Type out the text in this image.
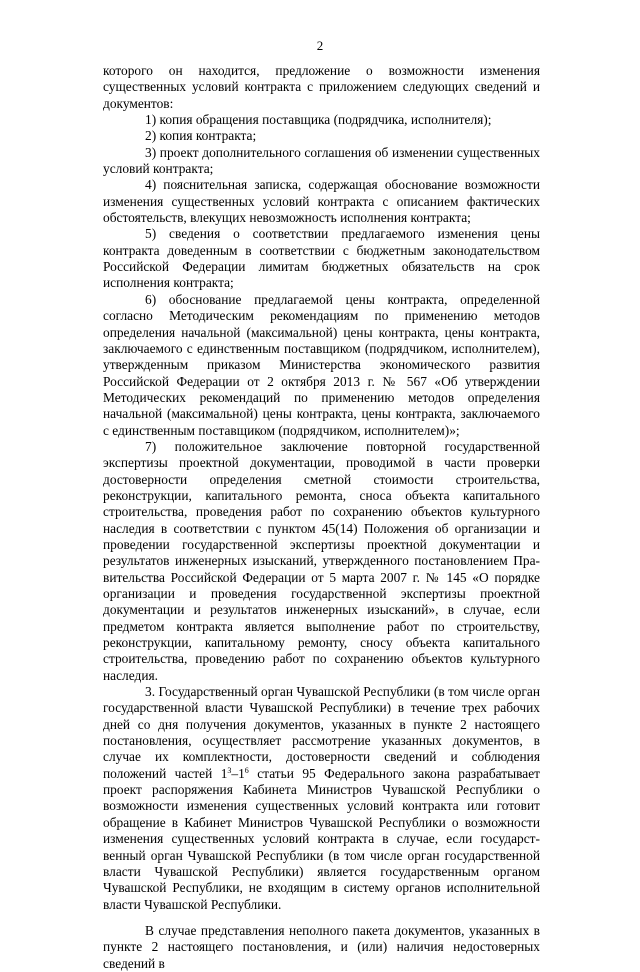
2

которого он находится, предложение о возможности изменения существенных условий контракта с приложением следующих сведений и документов:

1) копия обращения поставщика (подрядчика, исполнителя);

2) копия контракта;

3) проект дополнительного соглашения об изменении существенных условий контракта;

4) пояснительная записка, содержащая обоснование возможности изменения существенных условий контракта с описанием фактических обстоятельств, влекущих невозможность исполнения контракта;

5) сведения о соответствии предлагаемого изменения цены контракта доведенным в соответствии с бюджетным законодательством Российской Федерации лимитам бюджетных обязательств на срок исполнения контракта;

6) обоснование предлагаемой цены контракта, определенной согласно Методическим рекомендациям по применению методов определения начальной (максимальной) цены контракта, цены контракта, заключаемого с единственным поставщиком (подрядчиком, исполнителем), утвержденным приказом Министерства экономического развития Российской Федерации от 2 октября 2013 г. № 567 «Об утверждении Методических рекомендаций по применению методов определения начальной (максимальной) цены контракта, цены контракта, заключаемого с единственным поставщиком (подрядчиком, исполнителем)»;

7) положительное заключение повторной государственной экспертизы проектной документации, проводимой в части проверки достоверности определения сметной стоимости строительства, реконструкции, капитального ремонта, сноса объекта капитального строительства, проведения работ по сохранению объектов культурного наследия в соответствии с пунктом 45(14) Положения об организации и проведении государственной экспертизы проектной документации и результатов инженерных изысканий, утвержденного постановлением Правительства Российской Федерации от 5 марта 2007 г. № 145 «О порядке организации и проведения государственной экспертизы проектной документации и результатов инженерных изысканий», в случае, если предметом контракта является выполнение работ по строительству, реконструкции, капитальному ремонту, сносу объекта капитального строительства, проведению работ по сохранению объектов культурного наследия.

3. Государственный орган Чувашской Республики (в том числе орган государственной власти Чувашской Республики) в течение трех рабочих дней со дня получения документов, указанных в пункте 2 настоящего постановления, осуществляет рассмотрение указанных документов, в случае их комплектности, достоверности сведений и соблюдения положений частей $1^3-1^6$ статьи 95 Федерального закона разрабатывает проект распоряжения Кабинета Министров Чувашской Республики о возможности изменения существенных условий контракта или готовит обращение в Кабинет Министров Чувашской Республики о возможности изменения существенных условий контракта в случае, если государственный орган Чувашской Республики (в том числе орган государственной власти Чувашской Республики) является государственным органом Чувашской Республики, не входящим в систему органов исполнительной власти Чувашской Республики.

В случае представления неполного пакета документов, указанных в пункте 2 настоящего постановления, и (или) наличия недостоверных сведений в
